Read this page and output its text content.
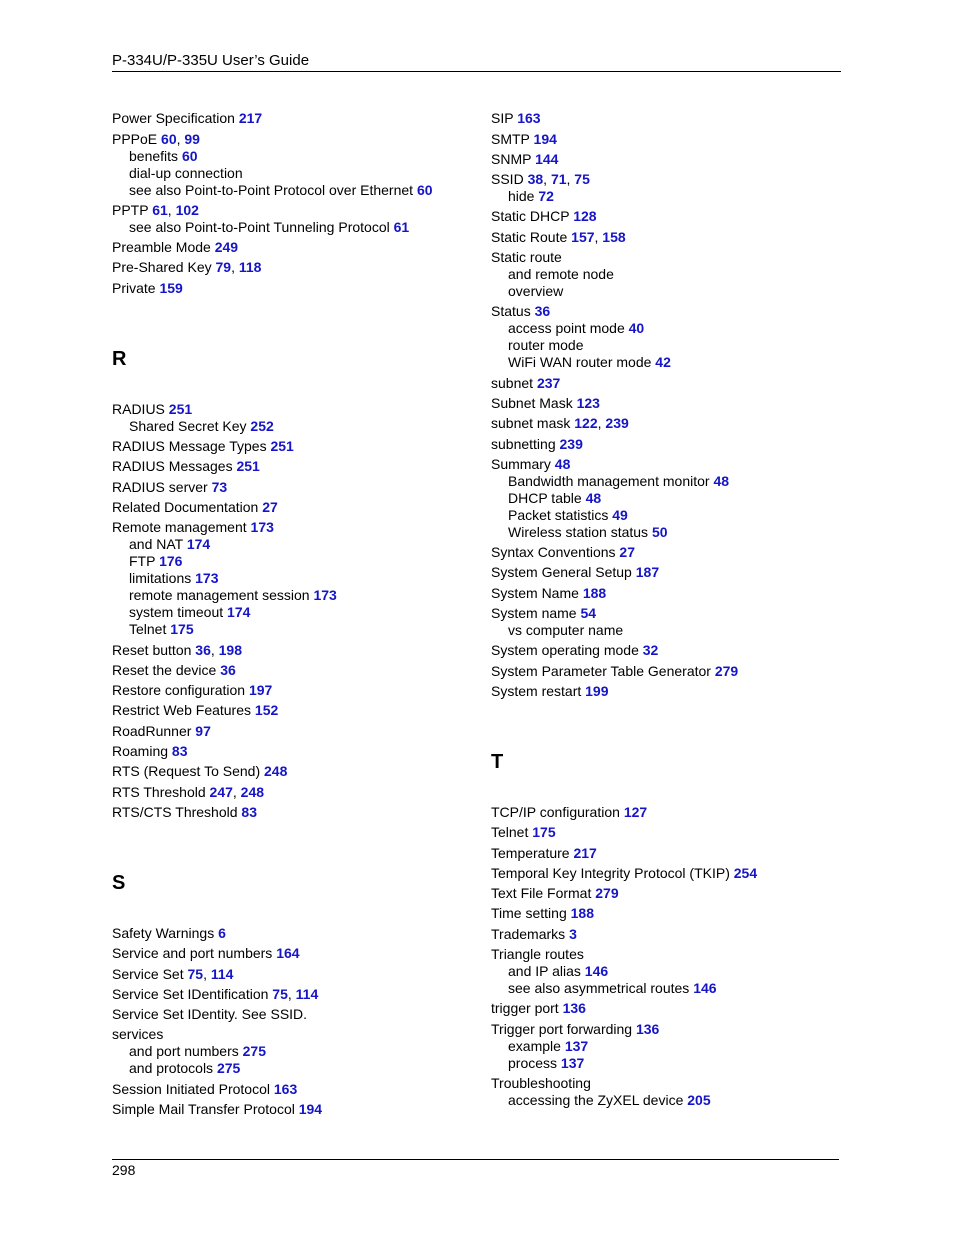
P-334U/P-335U User’s Guide
Power Specification 217
PPPoE 60, 99
benefits 60
dial-up connection
see also Point-to-Point Protocol over Ethernet 60
PPTP 61, 102
see also Point-to-Point Tunneling Protocol 61
Preamble Mode 249
Pre-Shared Key 79, 118
Private 159
R
RADIUS 251
Shared Secret Key 252
RADIUS Message Types 251
RADIUS Messages 251
RADIUS server 73
Related Documentation 27
Remote management 173
and NAT 174
FTP 176
limitations 173
remote management session 173
system timeout 174
Telnet 175
Reset button 36, 198
Reset the device 36
Restore configuration 197
Restrict Web Features 152
RoadRunner 97
Roaming 83
RTS (Request To Send) 248
RTS Threshold 247, 248
RTS/CTS Threshold 83
S
Safety Warnings 6
Service and port numbers 164
Service Set 75, 114
Service Set IDentification 75, 114
Service Set IDentity. See SSID.
services
and port numbers 275
and protocols 275
Session Initiated Protocol 163
Simple Mail Transfer Protocol 194
SIP 163
SMTP 194
SNMP 144
SSID 38, 71, 75
hide 72
Static DHCP 128
Static Route 157, 158
Static route
and remote node
overview
Status 36
access point mode 40
router mode
WiFi WAN router mode 42
subnet 237
Subnet Mask 123
subnet mask 122, 239
subnetting 239
Summary 48
Bandwidth management monitor 48
DHCP table 48
Packet statistics 49
Wireless station status 50
Syntax Conventions 27
System General Setup 187
System Name 188
System name 54
vs computer name
System operating mode 32
System Parameter Table Generator 279
System restart 199
T
TCP/IP configuration 127
Telnet 175
Temperature 217
Temporal Key Integrity Protocol (TKIP) 254
Text File Format 279
Time setting 188
Trademarks 3
Triangle routes
and IP alias 146
see also asymmetrical routes 146
trigger port 136
Trigger port forwarding 136
example 137
process 137
Troubleshooting
accessing the ZyXEL device 205
298
